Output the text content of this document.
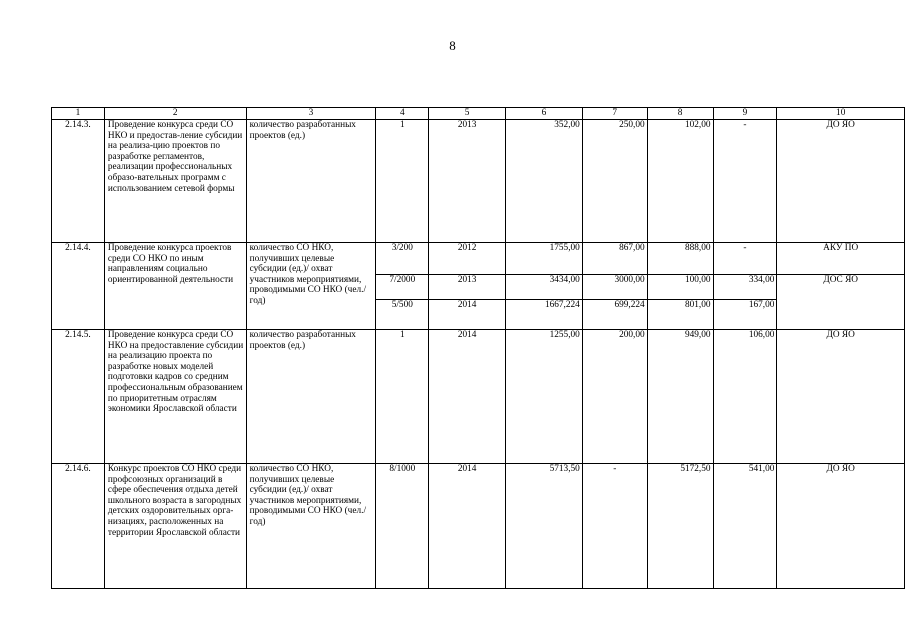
8
1	2	3	4	5	6	7	8	9	10
2.14.3.	Проведение конкурса среди СО НКО и предостав-ление субсидии на реализа-цию проектов по разработке регламентов, реализации профессиональных образо-вательных программ с использованием сетевой формы	количество разработанных проектов (ед.)	1	2013	352,00	250,00	102,00	-	ДО ЯО
2.14.4.	Проведение конкурса проектов среди СО НКО по иным направлениям социально ориентированной деятельности	количество СО НКО, получивших целевые субсидии (ед.)/ охват участников мероприятиями, проводимыми СО НКО (чел./год)	3/200	2012	1755,00	867,00	888,00	-	АКУ ПО
			7/2000	2013	3434,00	3000,00	100,00	334,00	ДОС ЯО
			5/500	2014	1667,224	699,224	801,00	167,00	
2.14.5.	Проведение конкурса среди СО НКО на предоставление субсидии на реализацию проекта по разработке новых моделей подготовки кадров со средним профессиональным образованием по приоритетным отраслям экономики Ярославской области	количество разработанных проектов (ед.)	1	2014	1255,00	200,00	949,00	106,00	ДО ЯО
2.14.6.	Конкурс проектов СО НКО среди профсоюзных организаций в сфере обеспечения отдыха детей школьного возраста в загородных детских оздоровительных орга-низациях, расположенных на территории Ярославской области	количество СО НКО, получивших целевые субсидии (ед.)/ охват участников мероприятиями, проводимыми СО НКО (чел./год)	8/1000	2014	5713,50	-	5172,50	541,00	ДО ЯО
